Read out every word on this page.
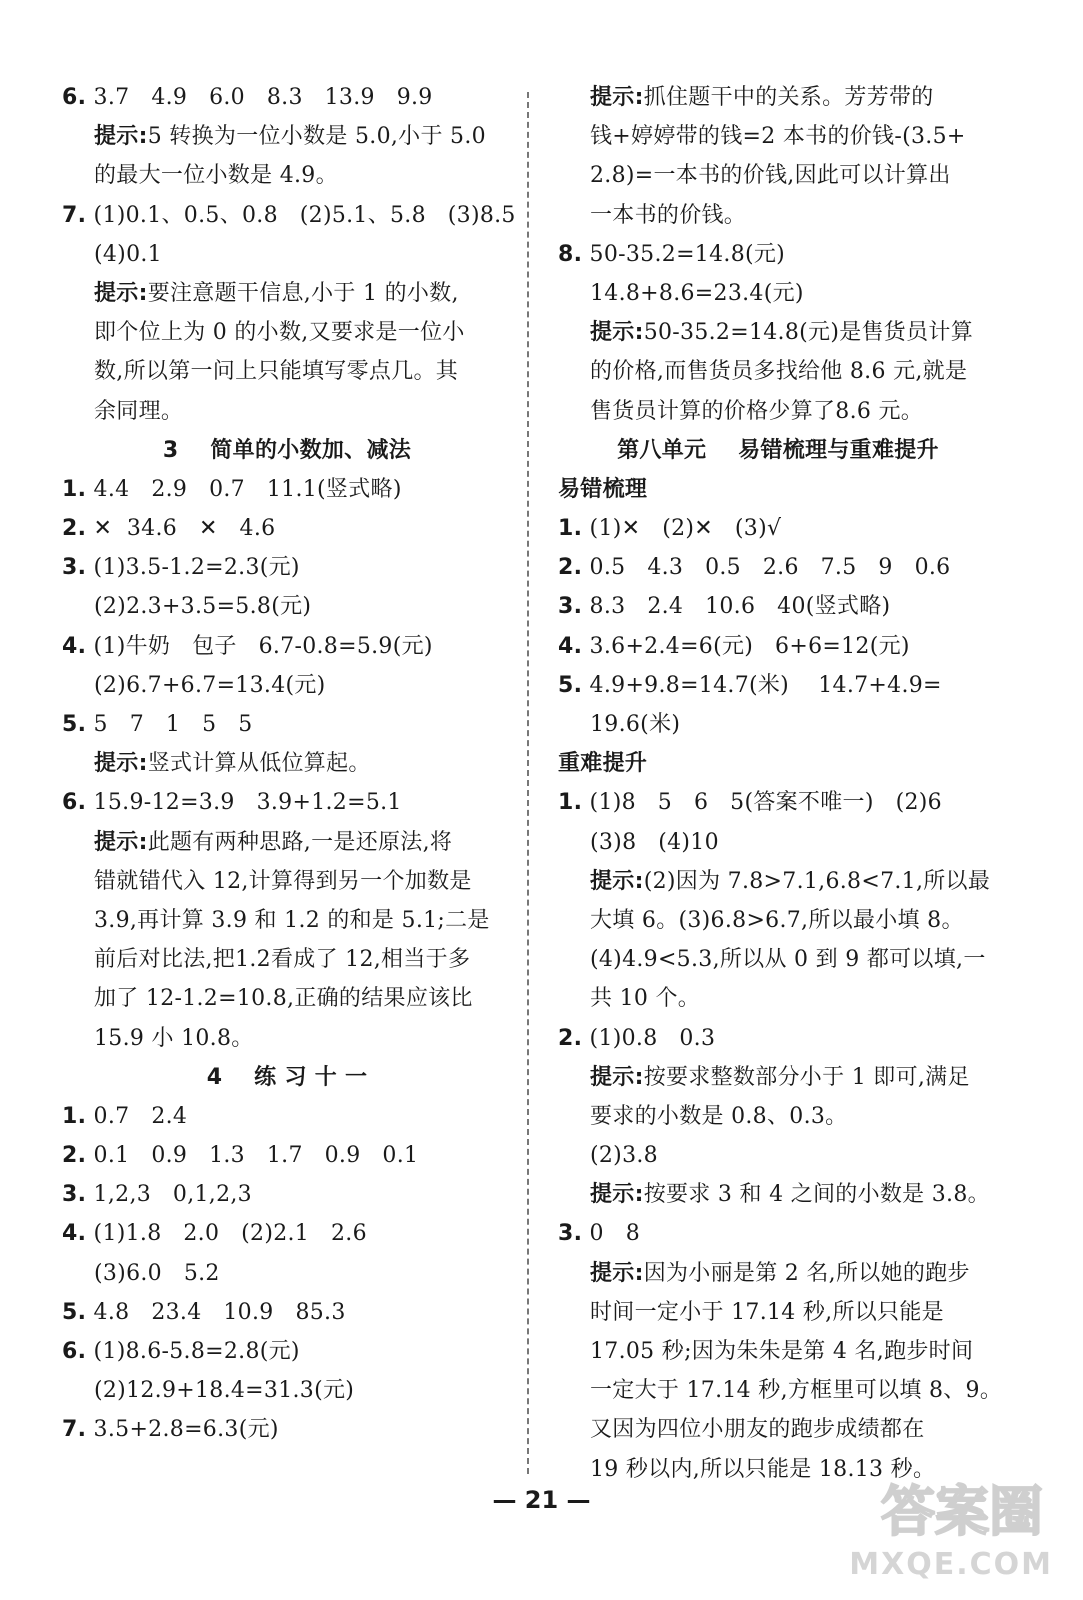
6. 3.7   4.9   6.0   8.3   13.9   9.9
提示:5 转换为一位小数是 5.0,小于 5.0
的最大一位小数是 4.9。
7. (1)0.1、0.5、0.8   (2)5.1、5.8   (3)8.5
(4)0.1
提示:要注意题干信息,小于 1 的小数,
即个位上为 0 的小数,又要求是一位小
数,所以第一问上只能填写零点几。其
余同理。
3    简单的小数加、减法
1. 4.4   2.9   0.7   11.1(竖式略)
2. ✕  34.6   ✕   4.6
3. (1)3.5-1.2=2.3(元)
(2)2.3+3.5=5.8(元)
4. (1)牛奶   包子   6.7-0.8=5.9(元)
(2)6.7+6.7=13.4(元)
5. 5   7   1   5   5
提示:竖式计算从低位算起。
6. 15.9-12=3.9   3.9+1.2=5.1
提示:此题有两种思路,一是还原法,将
错就错代入 12,计算得到另一个加数是
3.9,再计算 3.9 和 1.2 的和是 5.1;二是
前后对比法,把1.2看成了 12,相当于多
加了 12-1.2=10.8,正确的结果应该比
15.9 小 10.8。
4    练 习 十 一
1. 0.7   2.4
2. 0.1   0.9   1.3   1.7   0.9   0.1
3. 1,2,3   0,1,2,3
4. (1)1.8   2.0   (2)2.1   2.6
(3)6.0   5.2
5. 4.8   23.4   10.9   85.3
6. (1)8.6-5.8=2.8(元)
(2)12.9+18.4=31.3(元)
7. 3.5+2.8=6.3(元)
提示:抓住题干中的关系。芳芳带的
钱+婷婷带的钱=2 本书的价钱-(3.5+
2.8)=一本书的价钱,因此可以计算出
一本书的价钱。
8. 50-35.2=14.8(元)
14.8+8.6=23.4(元)
提示:50-35.2=14.8(元)是售货员计算
的价格,而售货员多找给他 8.6 元,就是
售货员计算的价格少算了8.6 元。
第八单元    易错梳理与重难提升
易错梳理
1. (1)✕   (2)✕   (3)√
2. 0.5   4.3   0.5   2.6   7.5   9   0.6
3. 8.3   2.4   10.6   40(竖式略)
4. 3.6+2.4=6(元)   6+6=12(元)
5. 4.9+9.8=14.7(米)    14.7+4.9=
19.6(米)
重难提升
1. (1)8   5   6   5(答案不唯一)   (2)6
(3)8   (4)10
提示:(2)因为 7.8>7.1,6.8<7.1,所以最
大填 6。(3)6.8>6.7,所以最小填 8。
(4)4.9<5.3,所以从 0 到 9 都可以填,一
共 10 个。
2. (1)0.8   0.3
提示:按要求整数部分小于 1 即可,满足
要求的小数是 0.8、0.3。
(2)3.8
提示:按要求 3 和 4 之间的小数是 3.8。
3. 0   8
提示:因为小丽是第 2 名,所以她的跑步
时间一定小于 17.14 秒,所以只能是
17.05 秒;因为朱朱是第 4 名,跑步时间
一定大于 17.14 秒,方框里可以填 8、9。
又因为四位小朋友的跑步成绩都在
19 秒以内,所以只能是 18.13 秒。
— 21 —	答案圈
MXQE.COM
